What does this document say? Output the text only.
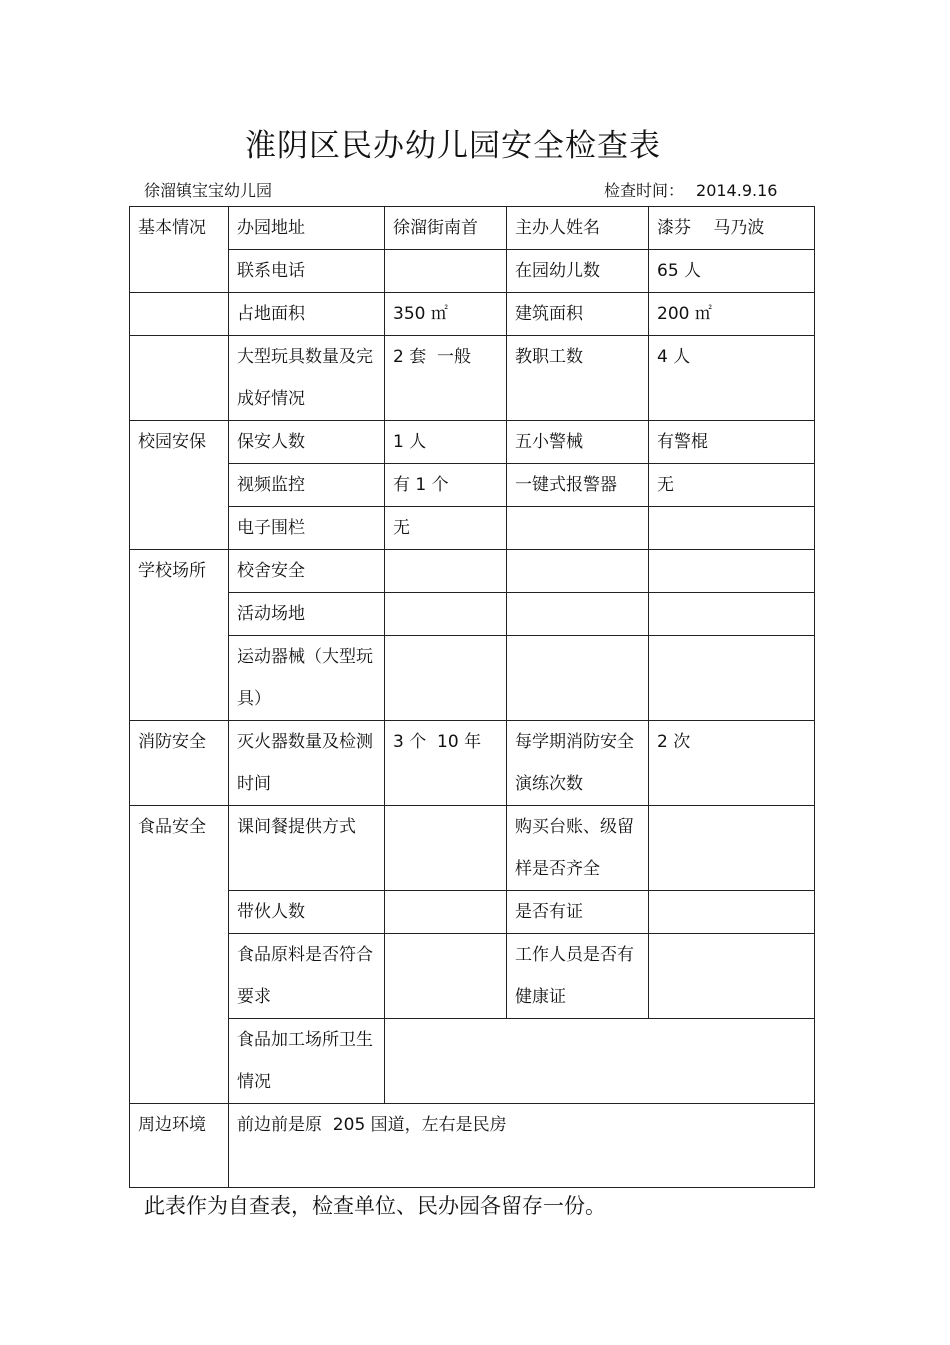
淮阴区民办幼儿园安全检查表
徐溜镇宝宝幼儿园	检查时间： 2014.9.16
基本情况	办园地址	徐溜街南首	主办人姓名	漆芬　 马乃波

	联系电话		在园幼儿数	65 人

	占地面积	350 ㎡	建筑面积	200 ㎡

	大型玩具数量及完成好情况	2 套  一般	教职工数	4 人

校园安保	保安人数	1 人	五小警械	有警棍

	视频监控	有 1 个	一键式报警器	无

	电子围栏	无		

学校场所	校舍安全			

	活动场地			

	运动器械（大型玩具）			

消防安全	灭火器数量及检测时间	3 个  10 年	每学期消防安全演练次数	2 次

食品安全	课间餐提供方式		购买台账、级留样是否齐全	

	带伙人数		是否有证	

	食品原料是否符合要求		工作人员是否有健康证	

	食品加工场所卫生情况			

周边环境	前边前是原  205 国道，左右是民房			
此表作为自查表，检查单位、民办园各留存一份。
